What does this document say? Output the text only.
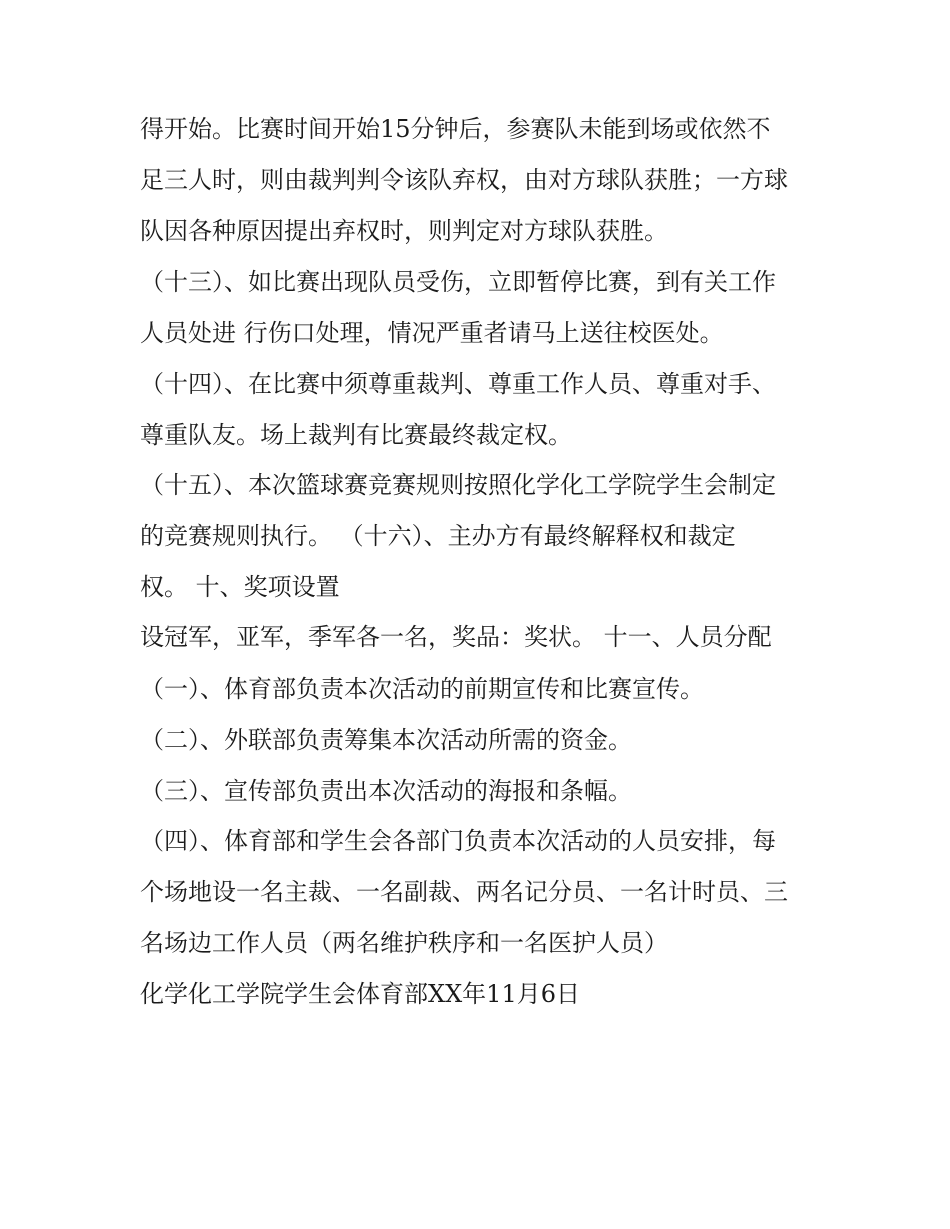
得开始。比赛时间开始15分钟后，参赛队未能到场或依然不
足三人时，则由裁判判令该队弃权，由对方球队获胜；一方球
队因各种原因提出弃权时，则判定对方球队获胜。
（十三）、如比赛出现队员受伤，立即暂停比赛，到有关工作
人员处进 行伤口处理，情况严重者请马上送往校医处。
（十四）、在比赛中须尊重裁判、尊重工作人员、尊重对手、
尊重队友。场上裁判有比赛最终裁定权。
（十五）、本次篮球赛竞赛规则按照化学化工学院学生会制定
的竞赛规则执行。 （十六）、主办方有最终解释权和裁定
权。 十、奖项设置
设冠军，亚军，季军各一名，奖品：奖状。 十一、人员分配
（一）、体育部负责本次活动的前期宣传和比赛宣传。
（二）、外联部负责筹集本次活动所需的资金。
（三）、宣传部负责出本次活动的海报和条幅。
（四）、体育部和学生会各部门负责本次活动的人员安排，每
个场地设一名主裁、一名副裁、两名记分员、一名计时员、三
名场边工作人员（两名维护秩序和一名医护人员）
化学化工学院学生会体育部XX年11月6日
